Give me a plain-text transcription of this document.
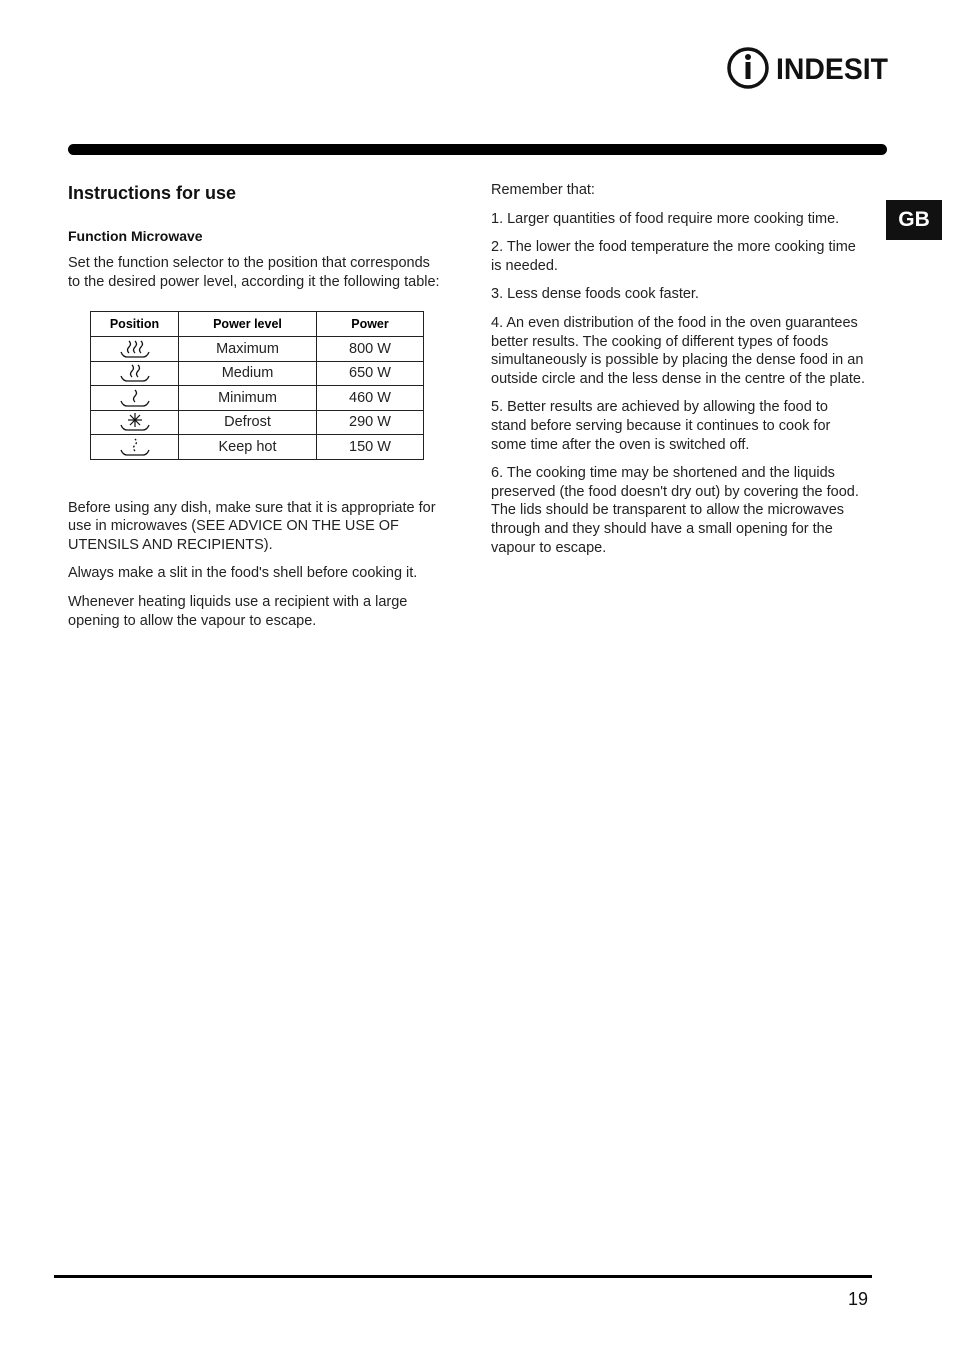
INDESIT
GB
Instructions for use
Function Microwave

Set the function selector to the position that corresponds to the desired power level, according it the following table:

Position	Power level	Power

	Maximum	800 W

	Medium	650 W

	Minimum	460 W

	Defrost	290 W

	Keep hot	150 W

Before using any dish, make sure that it is appropriate for use in microwaves (SEE ADVICE ON THE USE OF UTENSILS AND RECIPIENTS).

Always make a slit in the food's shell before cooking it.

Whenever heating liquids use a recipient with a large opening to allow the vapour to escape.

Remember that:

1. Larger quantities of food require more cooking time.

2. The lower the food temperature the more cooking time is needed.

3. Less dense foods cook faster.

4. An even distribution of the food in the oven guarantees better results. The cooking of different types of foods simultaneously is possible by placing the dense food in an outside circle and the less dense in the centre of the plate.

5. Better results are achieved by allowing the food to stand before serving because it continues to cook for some time after the oven is switched off.

6. The cooking time may be shortened and the liquids preserved (the food doesn't dry out) by covering the food. The lids should be transparent to allow the microwaves through and they should have a small opening for the vapour to escape.

19
